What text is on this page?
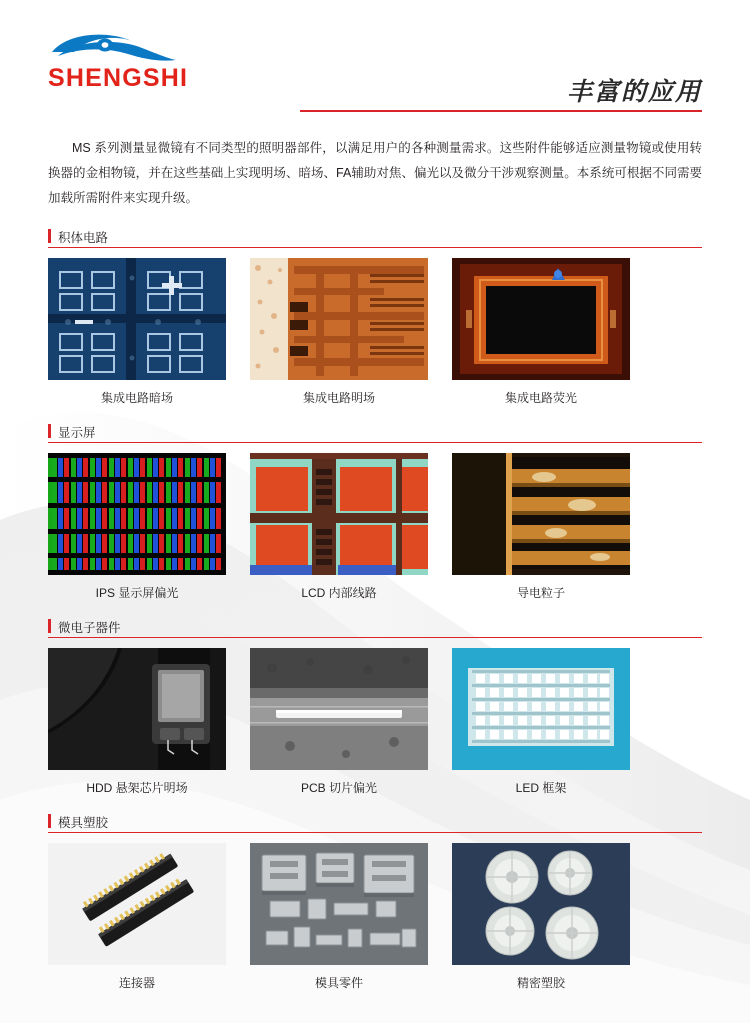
SHENGSHI	丰富的应用

MS 系列测量显微镜有不同类型的照明器部件，以满足用户的各种测量需求。这些附件能够适应测量物镜或使用转换器的金相物镜，并在这些基础上实现明场、暗场、FA辅助对焦、偏光以及微分干涉观察测量。本系统可根据不同需要加载所需附件来实现升级。

积体电路
集成电路暗场	集成电路明场	集成电路荧光
显示屏
IPS 显示屏偏光	LCD 内部线路	导电粒子
微电子器件
HDD 悬架芯片明场	PCB 切片偏光	LED 框架
模具塑胶
连接器	模具零件	精密塑胶
